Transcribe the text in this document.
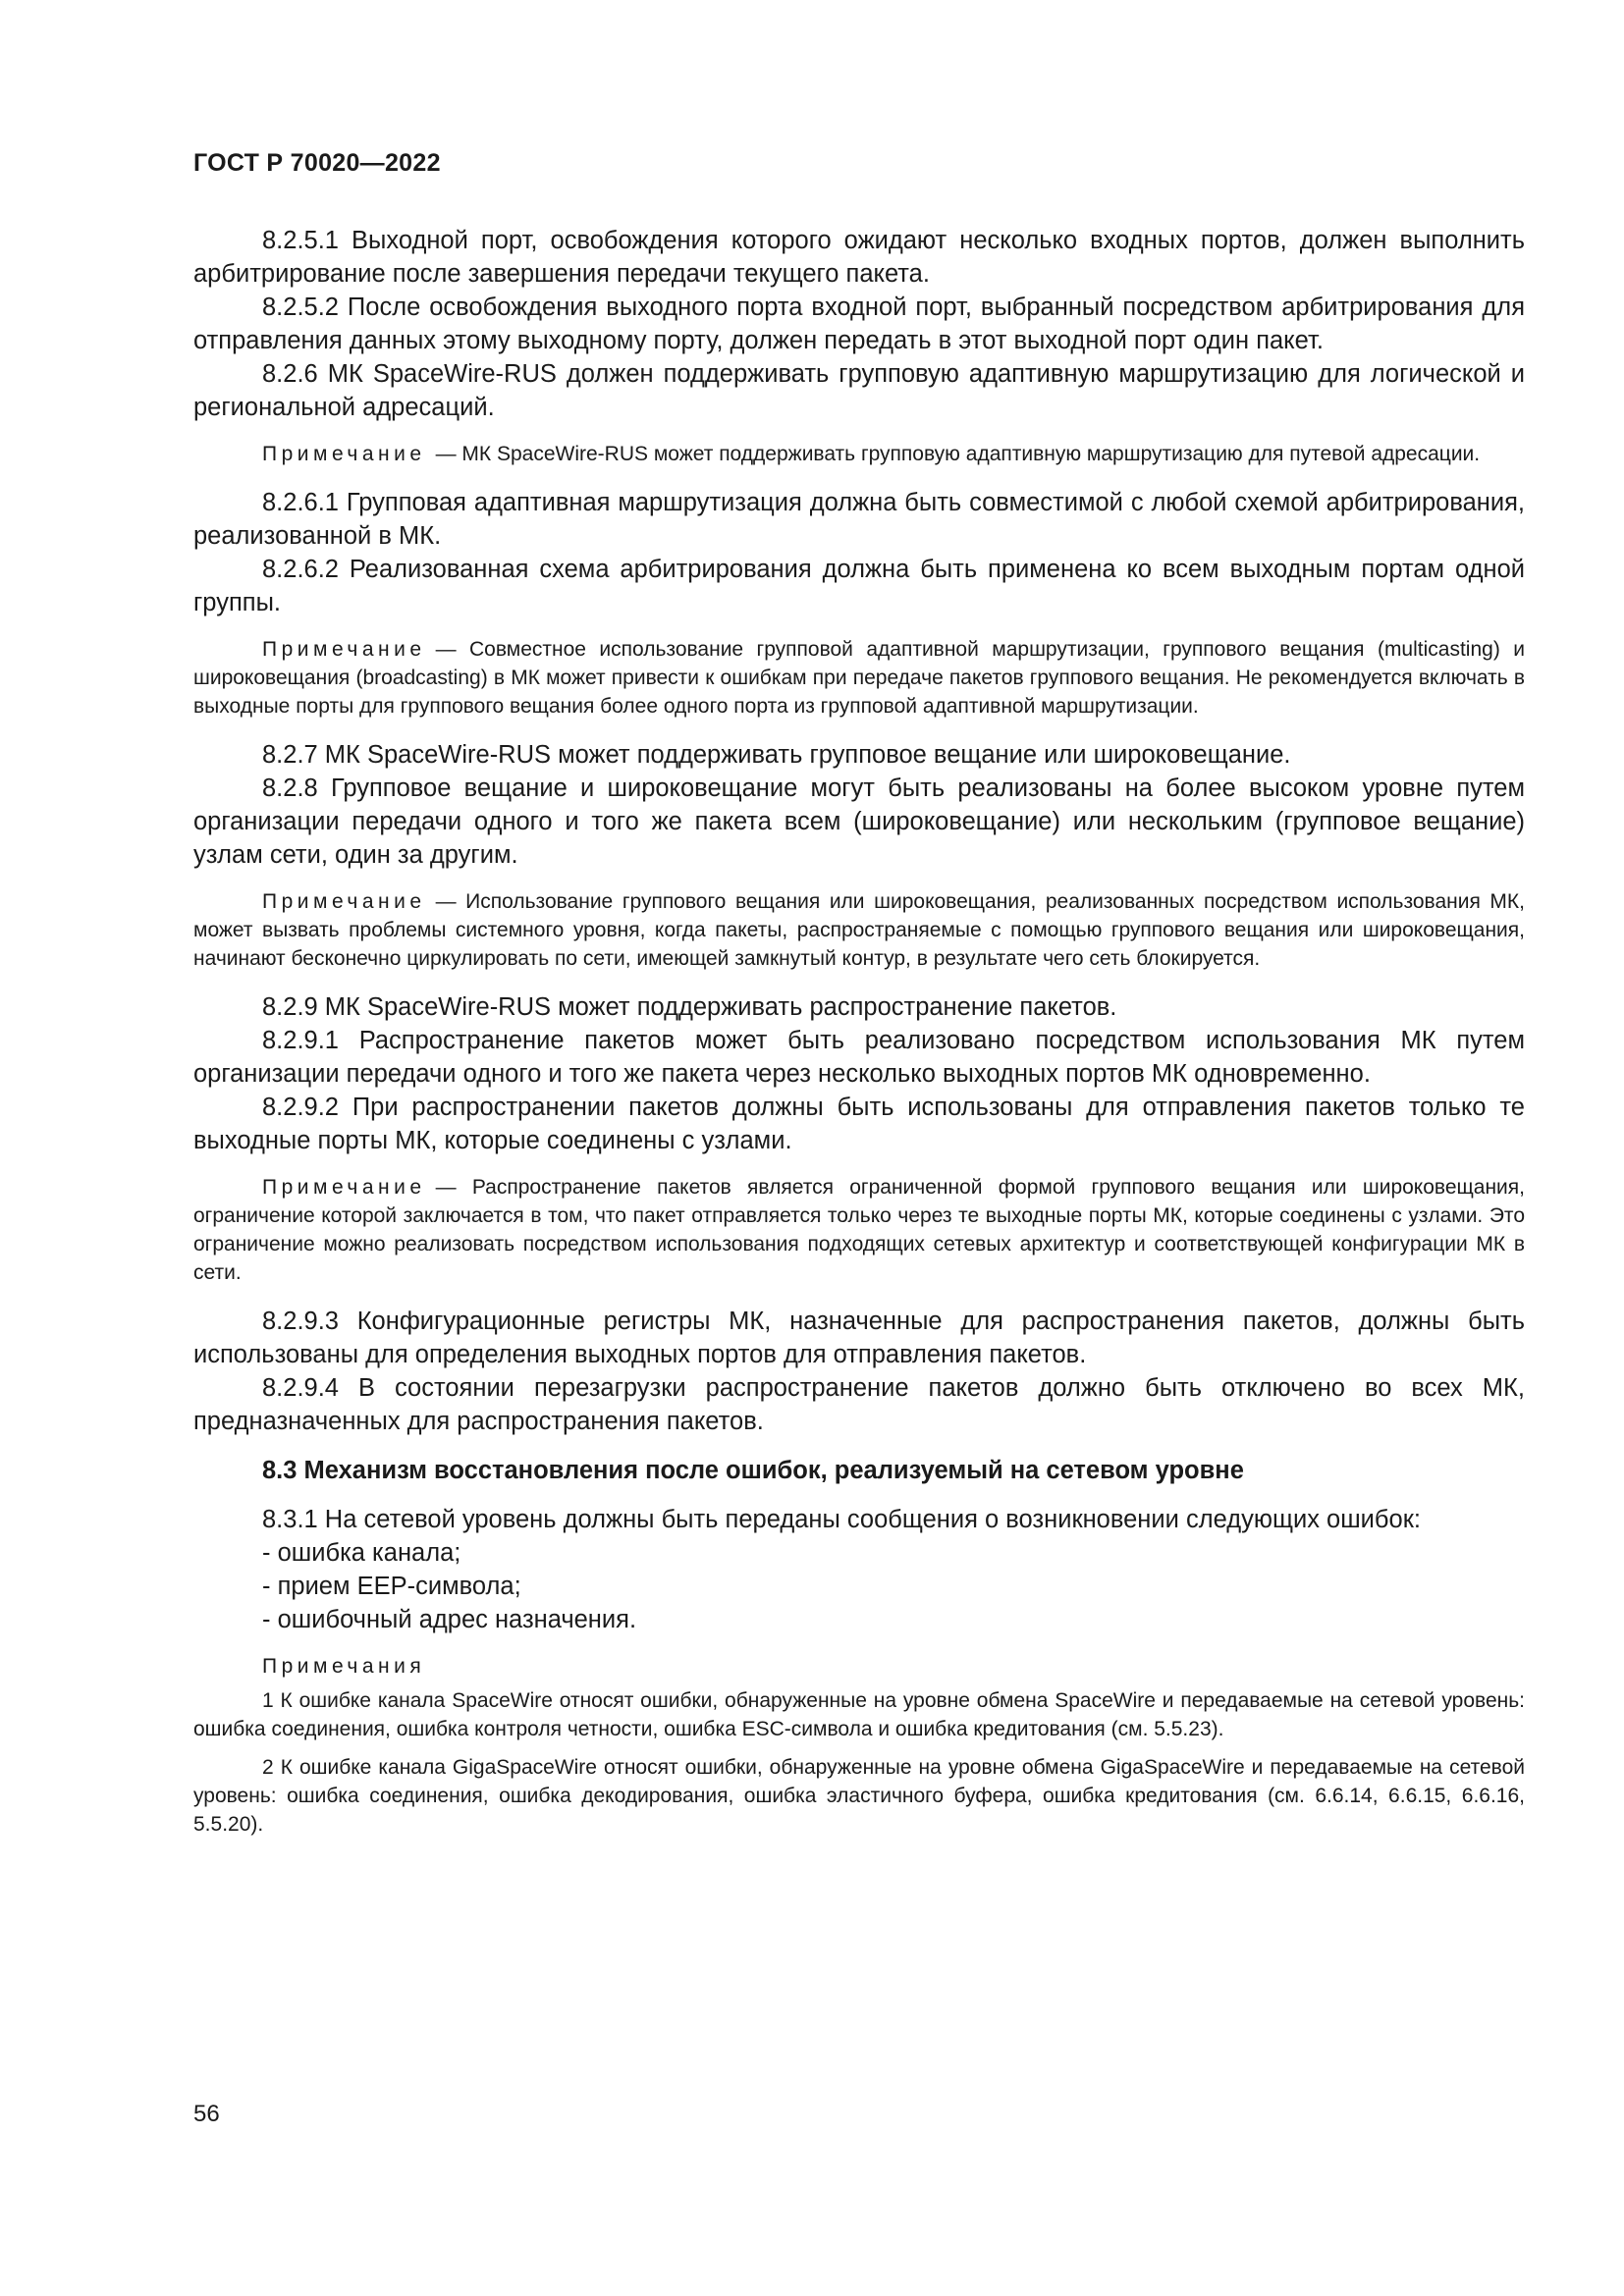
ГОСТ Р 70020—2022

8.2.5.1 Выходной порт, освобождения которого ожидают несколько входных портов, должен выполнить арбитрирование после завершения передачи текущего пакета.

8.2.5.2 После освобождения выходного порта входной порт, выбранный посредством арбитрирования для отправления данных этому выходному порту, должен передать в этот выходной порт один пакет.

8.2.6 МК SpaceWire-RUS должен поддерживать групповую адаптивную маршрутизацию для логической и региональной адресаций.

Примечание — МК SpaceWire-RUS может поддерживать групповую адаптивную маршрутизацию для путевой адресации.

8.2.6.1 Групповая адаптивная маршрутизация должна быть совместимой с любой схемой арбитрирования, реализованной в МК.

8.2.6.2 Реализованная схема арбитрирования должна быть применена ко всем выходным портам одной группы.

Примечание — Совместное использование групповой адаптивной маршрутизации, группового вещания (multicasting) и широковещания (broadcasting) в МК может привести к ошибкам при передаче пакетов группового вещания. Не рекомендуется включать в выходные порты для группового вещания более одного порта из групповой адаптивной маршрутизации.

8.2.7 МК SpaceWire-RUS может поддерживать групповое вещание или широковещание.

8.2.8 Групповое вещание и широковещание могут быть реализованы на более высоком уровне путем организации передачи одного и того же пакета всем (широковещание) или нескольким (групповое вещание) узлам сети, один за другим.

Примечание — Использование группового вещания или широковещания, реализованных посредством использования МК, может вызвать проблемы системного уровня, когда пакеты, распространяемые с помощью группового вещания или широковещания, начинают бесконечно циркулировать по сети, имеющей замкнутый контур, в результате чего сеть блокируется.

8.2.9 МК SpaceWire-RUS может поддерживать распространение пакетов.

8.2.9.1 Распространение пакетов может быть реализовано посредством использования МК путем организации передачи одного и того же пакета через несколько выходных портов МК одновременно.

8.2.9.2 При распространении пакетов должны быть использованы для отправления пакетов только те выходные порты МК, которые соединены с узлами.

Примечание — Распространение пакетов является ограниченной формой группового вещания или широковещания, ограничение которой заключается в том, что пакет отправляется только через те выходные порты МК, которые соединены с узлами. Это ограничение можно реализовать посредством использования подходящих сетевых архитектур и соответствующей конфигурации МК в сети.

8.2.9.3 Конфигурационные регистры МК, назначенные для распространения пакетов, должны быть использованы для определения выходных портов для отправления пакетов.

8.2.9.4 В состоянии перезагрузки распространение пакетов должно быть отключено во всех МК, предназначенных для распространения пакетов.

8.3 Механизм восстановления после ошибок, реализуемый на сетевом уровне

8.3.1 На сетевой уровень должны быть переданы сообщения о возникновении следующих ошибок:

- ошибка канала;
- прием ЕЕР-символа;
- ошибочный адрес назначения.

Примечания

1 К ошибке канала SpaceWire относят ошибки, обнаруженные на уровне обмена SpaceWire и передаваемые на сетевой уровень: ошибка соединения, ошибка контроля четности, ошибка ESC-символа и ошибка кредитования (см. 5.5.23).

2 К ошибке канала GigaSpaceWire относят ошибки, обнаруженные на уровне обмена GigaSpaceWire и передаваемые на сетевой уровень: ошибка соединения, ошибка декодирования, ошибка эластичного буфера, ошибка кредитования (см. 6.6.14, 6.6.15, 6.6.16, 5.5.20).

56
